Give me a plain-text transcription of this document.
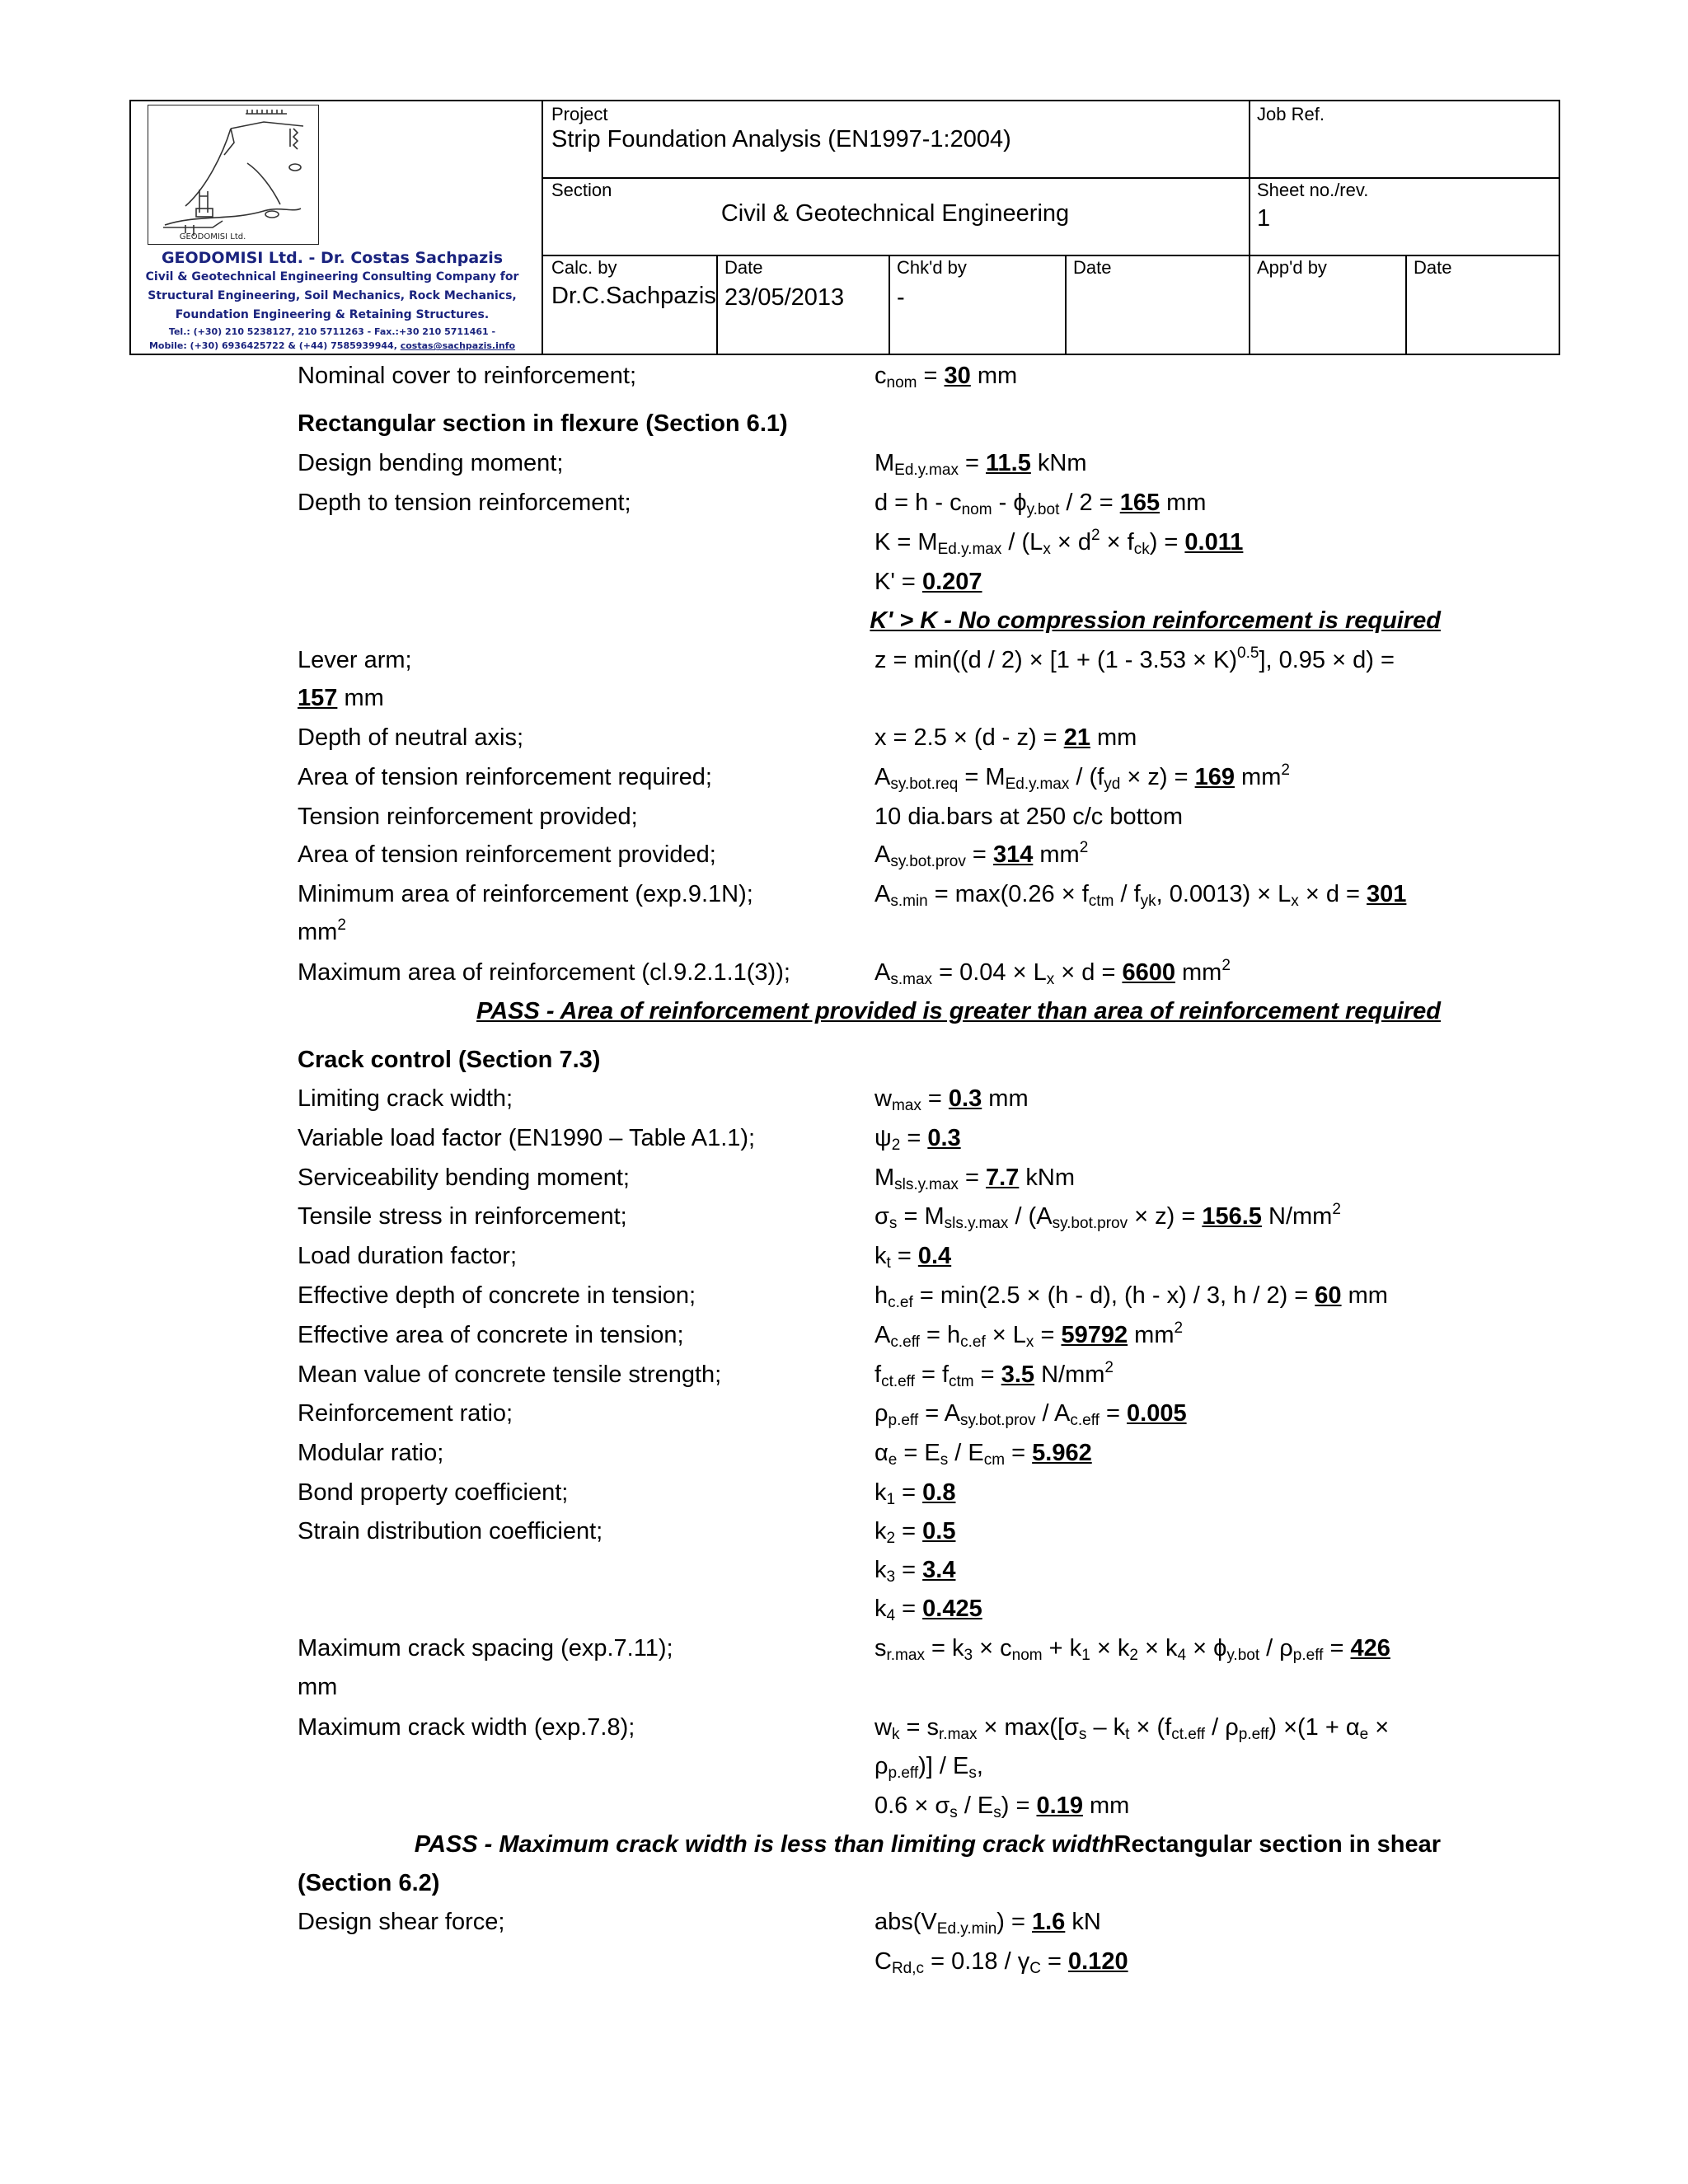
GEODOMISI Ltd.
GEODOMISI Ltd. - Dr. Costas Sachpazis
Civil & Geotechnical Engineering Consulting Company for
Structural Engineering, Soil Mechanics, Rock Mechanics,
Foundation Engineering & Retaining Structures.
Tel.: (+30) 210 5238127, 210 5711263 - Fax.:+30 210 5711461 -
Mobile: (+30) 6936425722 & (+44) 7585939944, costas@sachpazis.info
Project
Strip Foundation Analysis (EN1997-1:2004)
Job Ref.
Section
Civil & Geotechnical Engineering
Sheet no./rev.
1
Calc. by
Dr.C.Sachpazis
Date
23/05/2013
Chk'd by
-
Date	App'd by	Date
Nominal cover to reinforcement;	$c_{nom} = 30$ mm
Rectangular section in flexure (Section 6.1)
Design bending moment;	$M_{Ed.y.max} = 11.5$ kNm
Depth to tension reinforcement;	$d = h - c_{nom} - \phi_{y.bot} / 2 = 165$ mm
$K = M_{Ed.y.max} / (L_x \times d^2 \times f_{ck}) = 0.011$
K' = 0.207
K' > K - No compression reinforcement is required
Lever arm;	$z = \min((d / 2) \times [1 + (1 - 3.53 \times K)^{0.5}]$, 0.95 × d) =
157 mm
Depth of neutral axis;	x = 2.5 × (d - z) = 21 mm
Area of tension reinforcement required;	$A_{sy.bot.req} = M_{Ed.y.max} / (f_{yd} \times z) = 169$ $mm^2$
Tension reinforcement provided;	10 dia.bars at 250 c/c bottom
Area of tension reinforcement provided;	$A_{sy.bot.prov} = 314$ $mm^2$
Minimum area of reinforcement (exp.9.1N);	$A_{s.min} = \max(0.26 \times f_{ctm} / f_{yk}$, $0.0013) \times L_x \times d = 301$
$mm^2$
Maximum area of reinforcement (cl.9.2.1.1(3));	$A_{s.max} = 0.04 \times L_x \times d = 6600$ $mm^2$
PASS - Area of reinforcement provided is greater than area of reinforcement required
Crack control (Section 7.3)
Limiting crack width;	$w_{max} = 0.3$ mm
Variable load factor (EN1990 – Table A1.1);	$\psi_2 = 0.3$
Serviceability bending moment;	$M_{sls.y.max} = 7.7$ kNm
Tensile stress in reinforcement;	$\sigma_s = M_{sls.y.max} / (A_{sy.bot.prov} \times z) = 156.5$ $N/mm^2$
Load duration factor;	$k_t = 0.4$
Effective depth of concrete in tension;	$h_{c.ef} = \min(2.5 \times (h - d)$, (h - x) / 3, h / 2) = 60 mm
Effective area of concrete in tension;	$A_{c.eff} = h_{c.ef} \times L_x = 59792$ $mm^2$
Mean value of concrete tensile strength;	$f_{ct.eff} = f_{ctm} = 3.5$ $N/mm^2$
Reinforcement ratio;	$\rho_{p.eff} = A_{sy.bot.prov} / A_{c.eff} = 0.005$
Modular ratio;	$\alpha_e = E_s / E_{cm} = 5.962$
Bond property coefficient;	$k_1 = 0.8$
Strain distribution coefficient;	$k_2 = 0.5$
$k_3 = 3.4$
$k_4 = 0.425$
Maximum crack spacing (exp.7.11);	$s_{r.max} = k_3 \times c_{nom} + k_1 \times k_2 \times k_4 \times \phi_{y.bot} / \rho_{p.eff} = 426$
mm
Maximum crack width (exp.7.8);	$w_k = s_{r.max} \times \max([\sigma_s - k_t \times (f_{ct.eff} / \rho_{p.eff}) \times(1 + \alpha_e$ ×
$\rho_{p.eff})] / E_s$,
$0.6 \times \sigma_s / E_s) = 0.19$ mm
PASS - Maximum crack width is less than limiting crack widthRectangular section in shear
(Section 6.2)
Design shear force;	$abs(V_{Ed.y.min}) = 1.6$ kN
$C_{Rd,c} = 0.18 / \gamma_C = 0.120$
